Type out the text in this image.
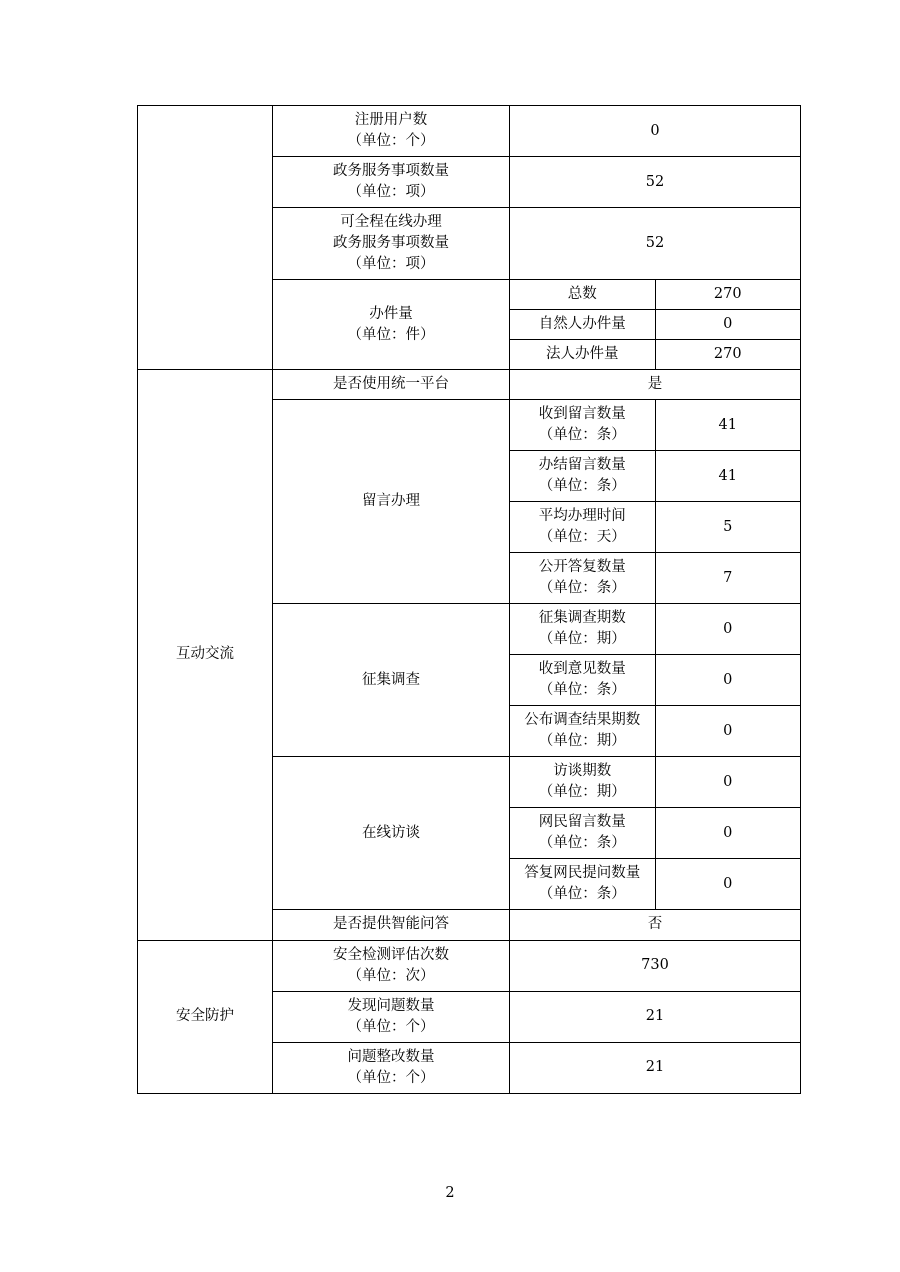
	注册用户数
（单位：个）	0	

	政务服务事项数量
（单位：项）	52	

	可全程在线办理
政务服务事项数量
（单位：项）	52	

	办件量
（单位：件）	总数	270
		自然人办件量	0
		法人办件量	270
互动交流	是否使用统一平台	是	
	留言办理	收到留言数量
（单位：条）	41

		办结留言数量
（单位：条）	41

		平均办理时间
（单位：天）	5

		公开答复数量
（单位：条）	7
	征集调查	征集调查期数
（单位：期）	0

		收到意见数量
（单位：条）	0

		公布调查结果期数
（单位：期）	0
	在线访谈	访谈期数
（单位：期）	0

		网民留言数量
（单位：条）	0

		答复网民提问数量
（单位：条）	0
	是否提供智能问答	否	
安全防护	安全检测评估次数
（单位：次）	730	

	发现问题数量
（单位：个）	21	

	问题整改数量
（单位：个）	21	
2
